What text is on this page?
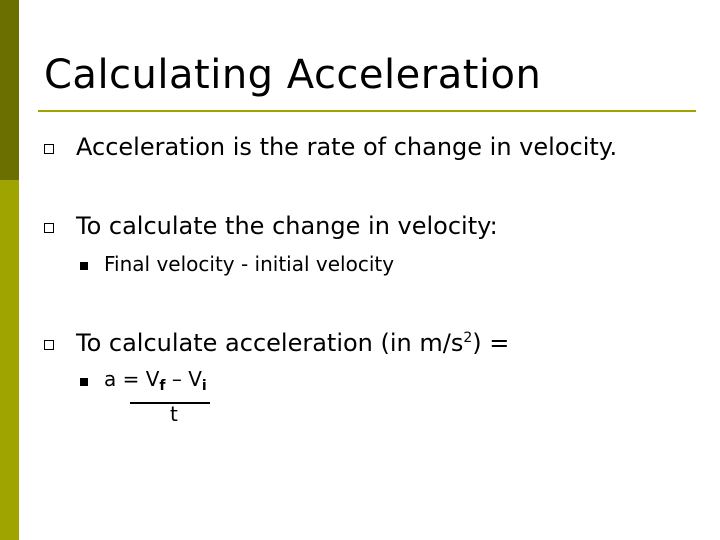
Calculating Acceleration
Acceleration is the rate of change in velocity.
To calculate the change in velocity:
Final velocity - initial velocity
To calculate acceleration (in $m/s^2$) =
$a = V_f - V_i$
t
